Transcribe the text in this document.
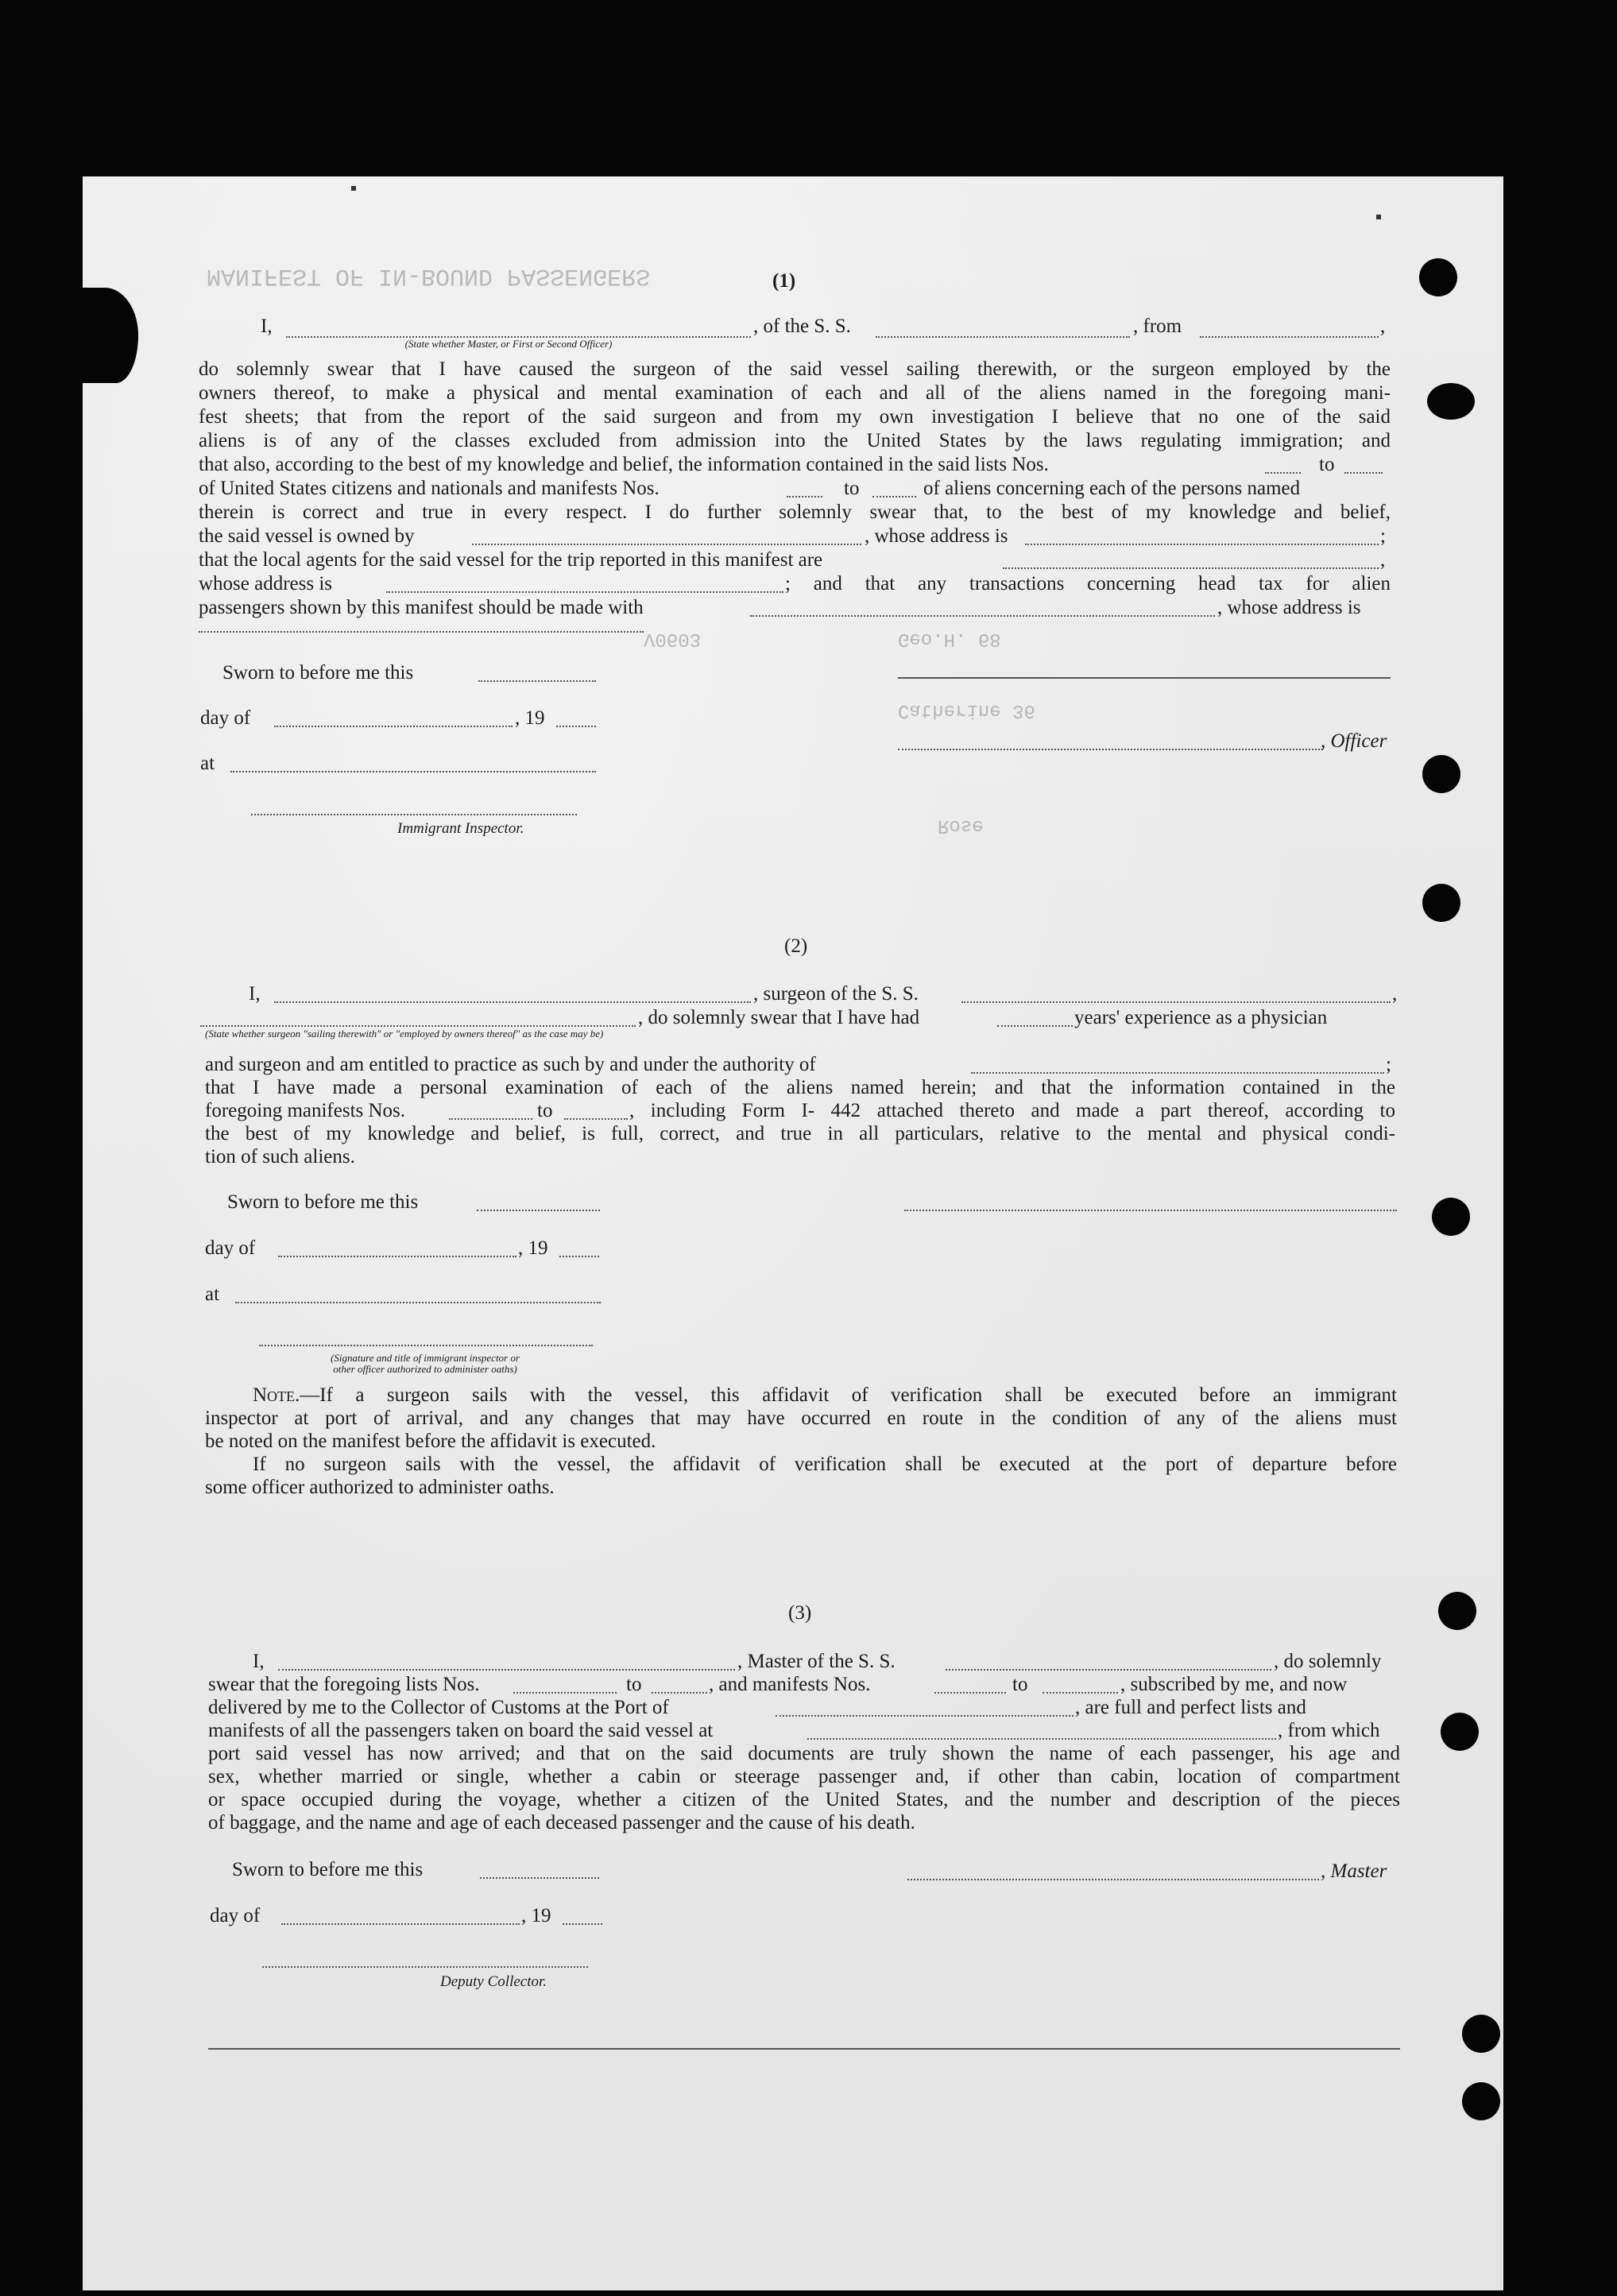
MANIFEST OF IN-BOUND PASSENGERS
V0603	Geo.H. 68
Catherine 36
Rose
(1)
I,	, of the S. S.	, from	,
(State whether Master, or First or Second Officer)
do solemnly swear that I have caused the surgeon of the said vessel sailing therewith, or the surgeon employed by the
owners thereof, to make a physical and mental examination of each and all of the aliens named in the foregoing mani-
fest sheets; that from the report of the said surgeon and from my own investigation I believe that no one of the said
aliens is of any of the classes excluded from admission into the United States by the laws regulating immigration; and
that also, according to the best of my knowledge and belief, the information contained in the said lists Nos.	to
of United States citizens and nationals and manifests Nos.	to	of aliens concerning each of the persons named
therein is correct and true in every respect. I do further solemnly swear that, to the best of my knowledge and belief,
the said vessel is owned by	, whose address is	;
that the local agents for the said vessel for the trip reported in this manifest are	,
whose address is	; and that any transactions concerning head tax for alien
passengers shown by this manifest should be made with	, whose address is
Sworn to before me this
day of	, 19
, Officer
at
Immigrant Inspector.
(2)
I,	, surgeon of the S. S.	,
, do solemnly swear that I have had	years' experience as a physician
(State whether surgeon "sailing therewith" or "employed by owners thereof" as the case may be)
and surgeon and am entitled to practice as such by and under the authority of	;
that I have made a personal examination of each of the aliens named herein; and that the information contained in the
foregoing manifests Nos.	to	, including Form I- 442 attached thereto and made a part thereof, according to
the best of my knowledge and belief, is full, correct, and true in all particulars, relative to the mental and physical condi-
tion of such aliens.
Sworn to before me this
day of	, 19
at
(Signature and title of immigrant inspector or
other officer authorized to administer oaths)
Note.—If a surgeon sails with the vessel, this affidavit of verification shall be executed before an immigrant
inspector at port of arrival, and any changes that may have occurred en route in the condition of any of the aliens must
be noted on the manifest before the affidavit is executed.
If no surgeon sails with the vessel, the affidavit of verification shall be executed at the port of departure before
some officer authorized to administer oaths.
(3)
I,	, Master of the S. S.	, do solemnly
swear that the foregoing lists Nos.	to	, and manifests Nos.	to	, subscribed by me, and now
delivered by me to the Collector of Customs at the Port of	, are full and perfect lists and
manifests of all the passengers taken on board the said vessel at	, from which
port said vessel has now arrived; and that on the said documents are truly shown the name of each passenger, his age and
sex, whether married or single, whether a cabin or steerage passenger and, if other than cabin, location of compartment
or space occupied during the voyage, whether a citizen of the United States, and the number and description of the pieces
of baggage, and the name and age of each deceased passenger and the cause of his death.
Sworn to before me this	, Master
day of	, 19
Deputy Collector.
